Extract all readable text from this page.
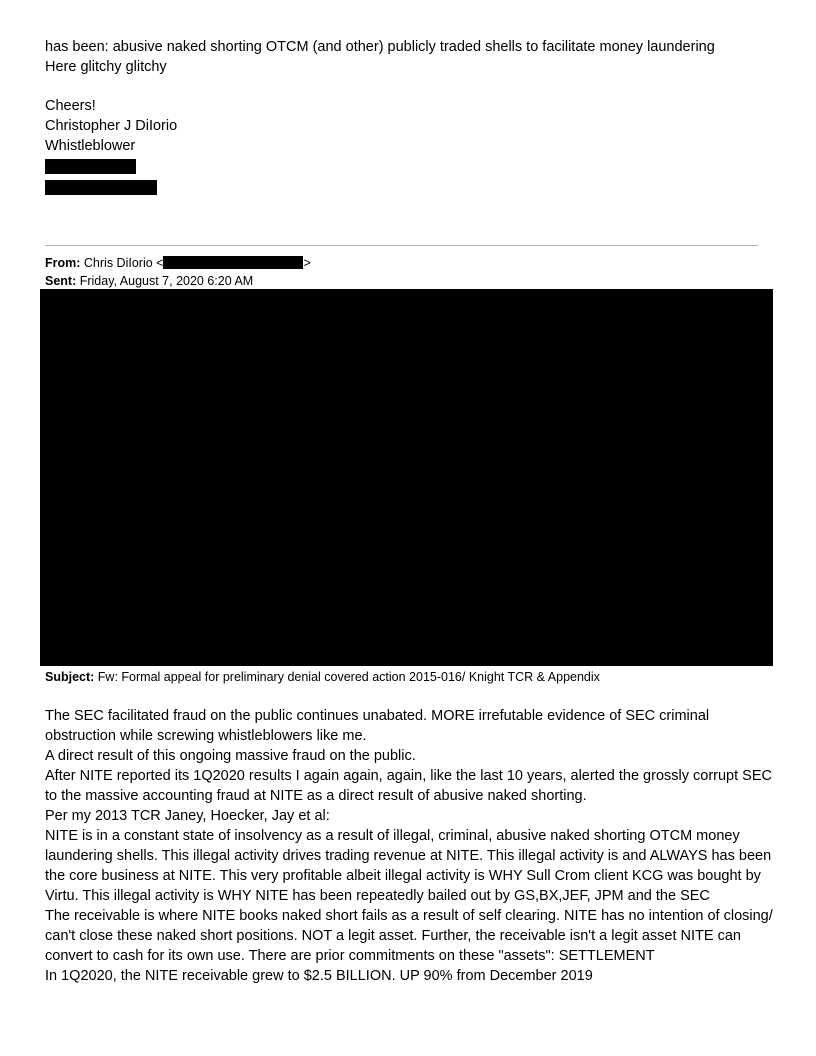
has been: abusive naked shorting OTCM (and other) publicly traded shells to facilitate money laundering
Here glitchy glitchy
Cheers!
Christopher J DiIorio
Whistleblower
From: Chris DiIorio <	>
Sent: Friday, August 7, 2020 6:20 AM
Subject: Fw: Formal appeal for preliminary denial covered action 2015-016/ Knight TCR & Appendix
The SEC facilitated fraud on the public continues unabated. MORE irrefutable evidence of SEC criminal
obstruction while screwing whistleblowers like me.
A direct result of this ongoing massive fraud on the public.
After NITE reported its 1Q2020 results I again again, again, like the last 10 years, alerted the grossly corrupt SEC
to the massive accounting fraud at NITE as a direct result of abusive naked shorting.
Per my 2013 TCR Janey, Hoecker, Jay et al:
NITE is in a constant state of insolvency as a result of illegal, criminal, abusive naked shorting OTCM money
laundering shells. This illegal activity drives trading revenue at NITE. This illegal activity is and ALWAYS has been
the core business at NITE. This very profitable albeit illegal activity is WHY Sull Crom client KCG was bought by
Virtu. This illegal activity is WHY NITE has been repeatedly bailed out by GS,BX,JEF, JPM and the SEC
The receivable is where NITE books naked short fails as a result of self clearing. NITE has no intention of closing/
can't close these naked short positions. NOT a legit asset. Further, the receivable isn't a legit asset NITE can
convert to cash for its own use. There are prior commitments on these "assets": SETTLEMENT
In 1Q2020, the NITE receivable grew to $2.5 BILLION. UP 90% from December 2019
